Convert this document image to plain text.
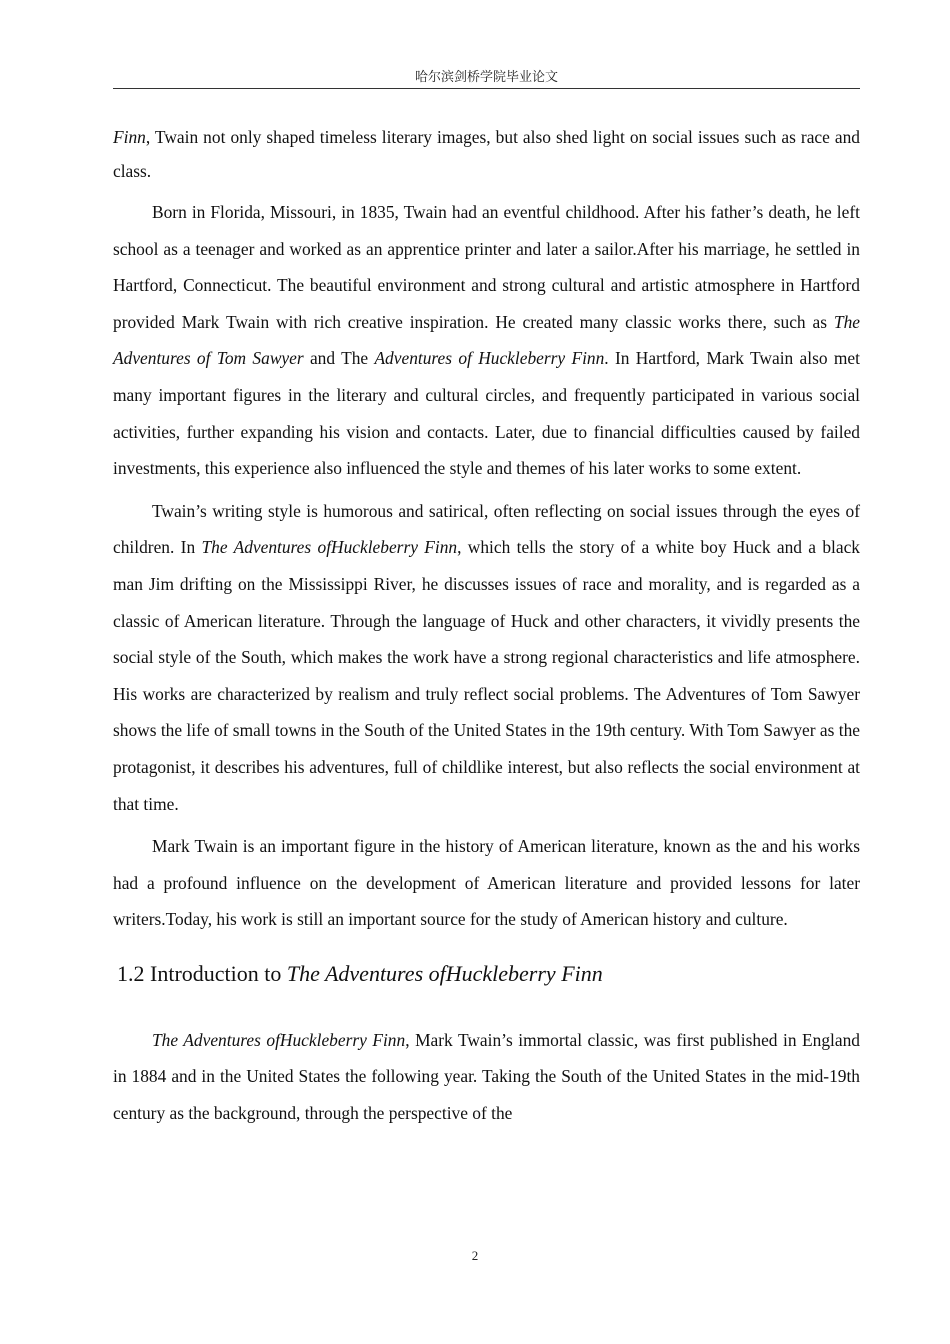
哈尔滨剑桥学院毕业论文

Finn, Twain not only shaped timeless literary images, but also shed light on social issues such as race and class.

Born in Florida, Missouri, in 1835, Twain had an eventful childhood. After his father’s death, he left school as a teenager and worked as an apprentice printer and later a sailor.After his marriage, he settled in Hartford, Connecticut. The beautiful environment and strong cultural and artistic atmosphere in Hartford provided Mark Twain with rich creative inspiration. He created many classic works there, such as The Adventures of Tom Sawyer and The Adventures of Huckleberry Finn. In Hartford, Mark Twain also met many important figures in the literary and cultural circles, and frequently participated in various social activities, further expanding his vision and contacts. Later, due to financial difficulties caused by failed investments, this experience also influenced the style and themes of his later works to some extent.

Twain’s writing style is humorous and satirical, often reflecting on social issues through the eyes of children. In The Adventures ofHuckleberry Finn, which tells the story of a white boy Huck and a black man Jim drifting on the Mississippi River, he discusses issues of race and morality, and is regarded as a classic of American literature. Through the language of Huck and other characters, it vividly presents the social style of the South, which makes the work have a strong regional characteristics and life atmosphere. His works are characterized by realism and truly reflect social problems. The Adventures of Tom Sawyer shows the life of small towns in the South of the United States in the 19th century. With Tom Sawyer as the protagonist, it describes his adventures, full of childlike interest, but also reflects the social environment at that time.

Mark Twain is an important figure in the history of American literature, known as the and his works had a profound influence on the development of American literature and provided lessons for later writers.Today, his work is still an important source for the study of American history and culture.

1.2 Introduction to The Adventures ofHuckleberry Finn

The Adventures ofHuckleberry Finn, Mark Twain’s immortal classic, was first published in England in 1884 and in the United States the following year. Taking the South of the United States in the mid-19th century as the background, through the perspective of the

2
